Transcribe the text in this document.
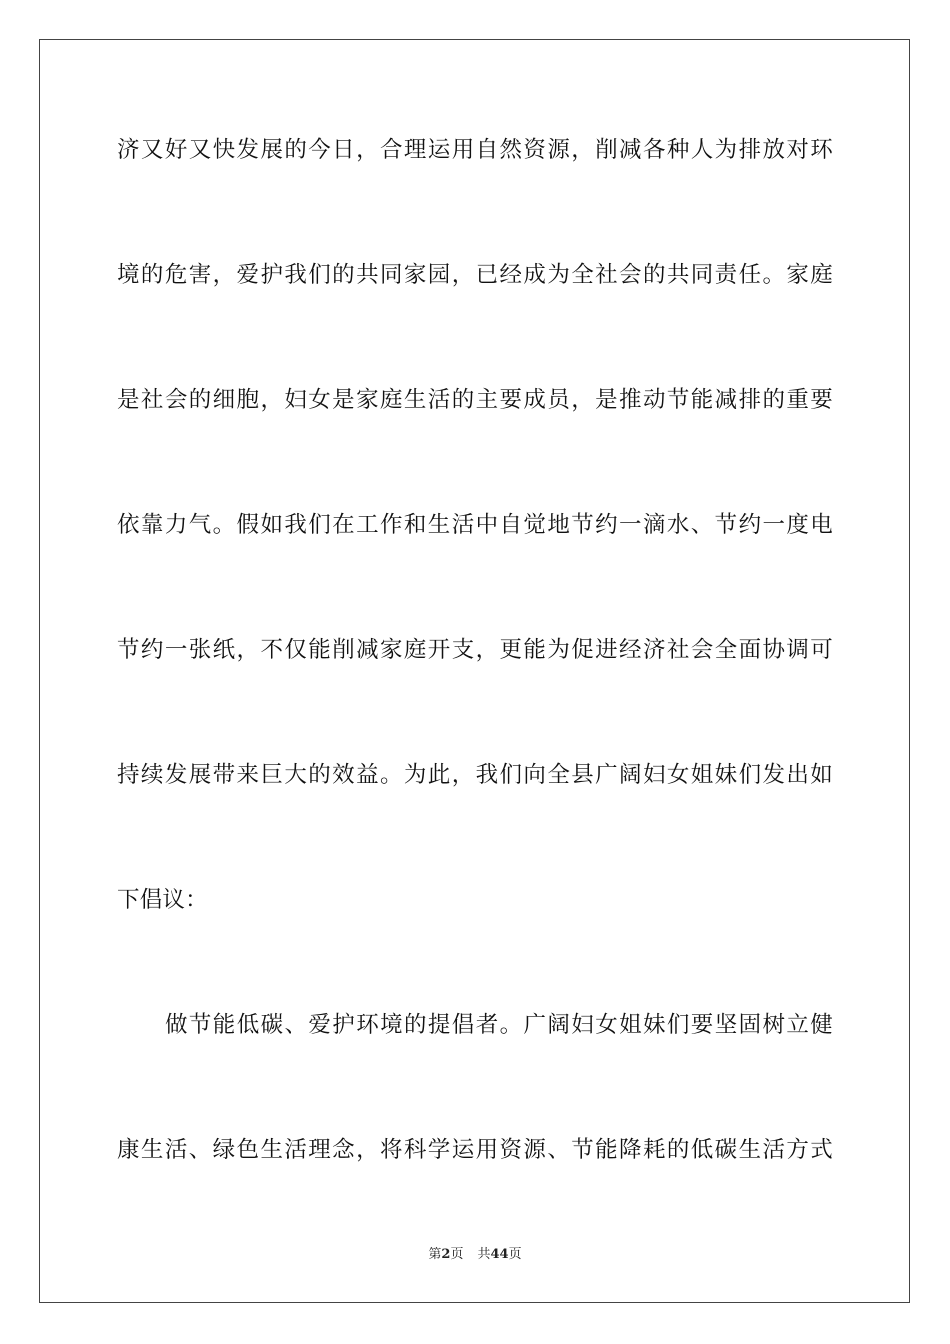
济又好又快发展的今日，合理运用自然资源，削减各种人为排放对环
境的危害，爱护我们的共同家园，已经成为全社会的共同责任。家庭
是社会的细胞，妇女是家庭生活的主要成员，是推动节能减排的重要
依靠力气。假如我们在工作和生活中自觉地节约一滴水、节约一度电
节约一张纸，不仅能削减家庭开支，更能为促进经济社会全面协调可
持续发展带来巨大的效益。为此，我们向全县广阔妇女姐妹们发出如
下倡议：
做节能低碳、爱护环境的提倡者。广阔妇女姐妹们要坚固树立健
康生活、绿色生活理念，将科学运用资源、节能降耗的低碳生活方式
第2页 共44页
